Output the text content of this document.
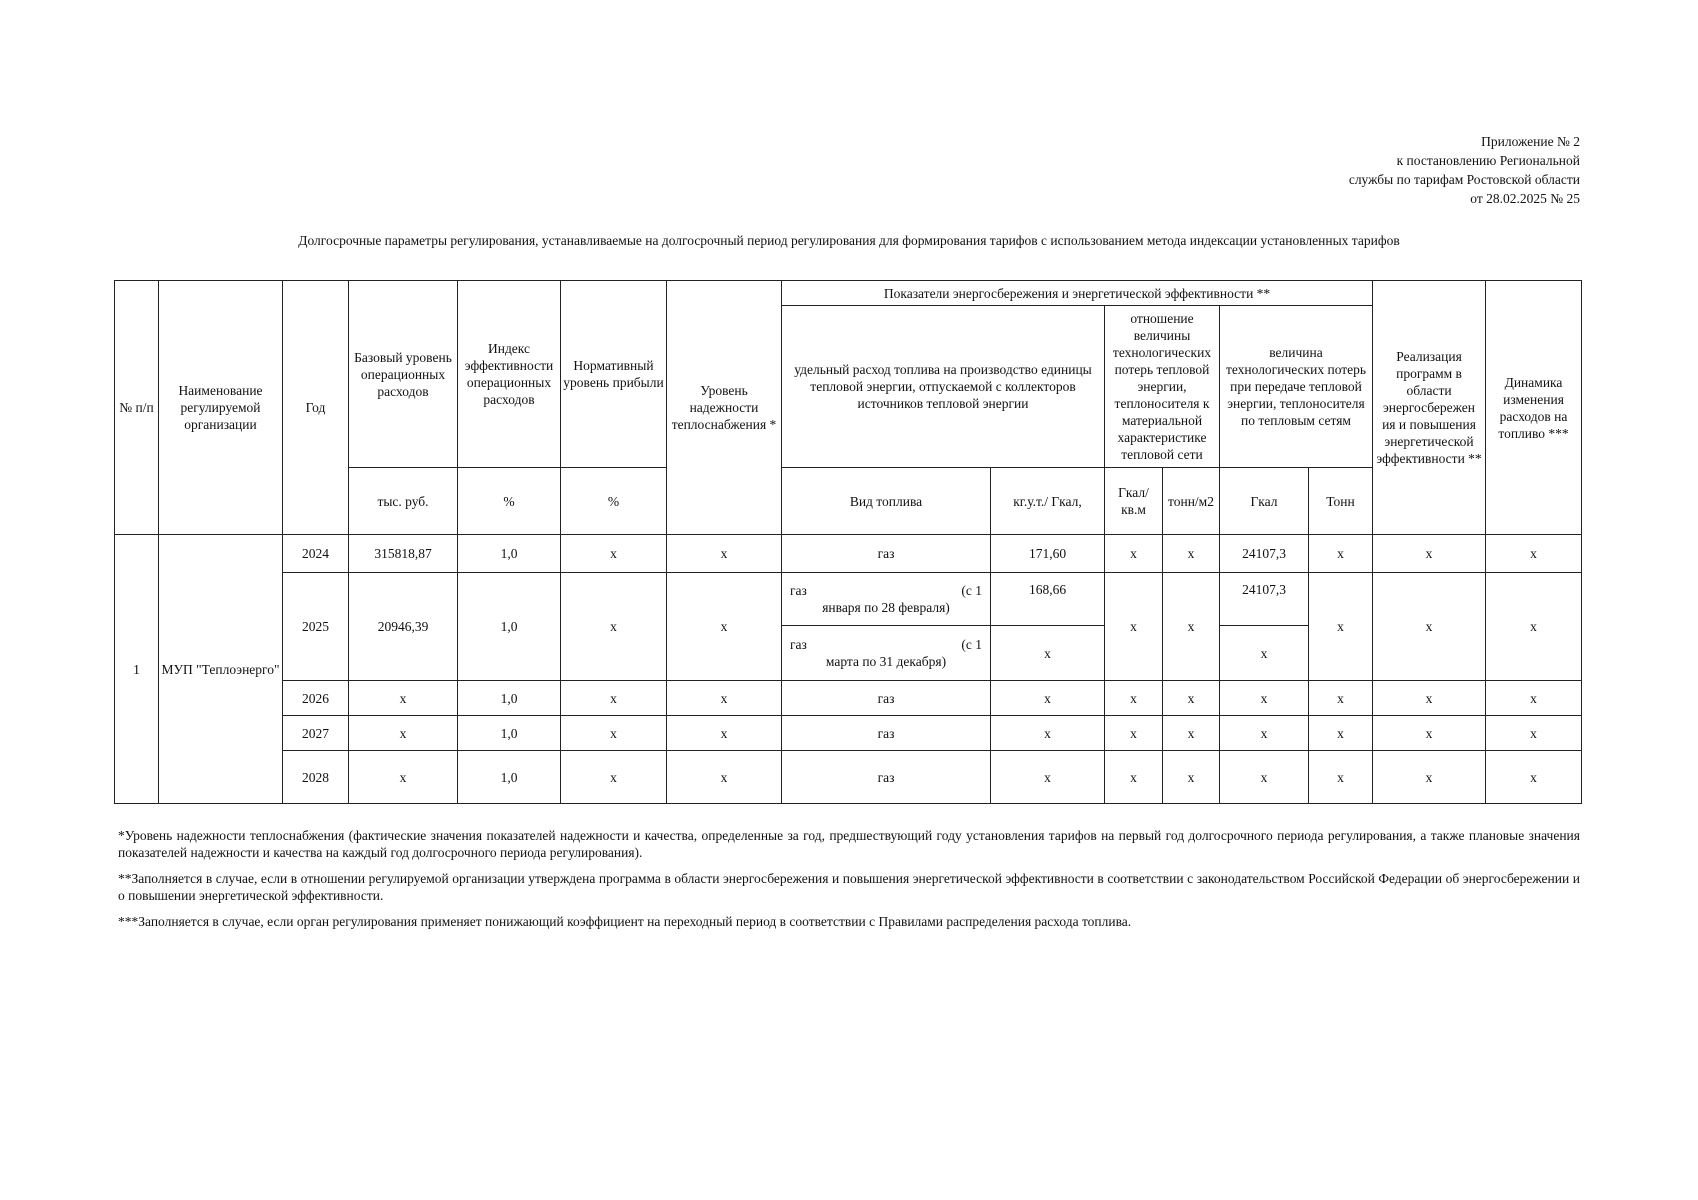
Приложение № 2
к постановлению Региональной
службы по тарифам Ростовской области
от 28.02.2025 № 25
Долгосрочные параметры регулирования, устанавливаемые на долгосрочный период регулирования для формирования тарифов с использованием метода индексации установленных тарифов
№ п/п	Наименование регулируемой организации	Год	Базовый уровень операционных расходов	Индекс эффективности операционных расходов	Нормативный уровень прибыли	Уровень надежности теплоснабжения *	Показатели энергосбережения и энергетической эффективности **						Реализация программ в области энергосбережен ия и повышения энергетической эффективности **	Динамика изменения расходов на топливо ***
							удельный расход топлива на производство единицы тепловой энергии, отпускаемой с коллекторов источников тепловой энергии		отношение величины технологических потерь тепловой энергии, теплоносителя к материальной характеристике тепловой сети		величина технологических потерь при передаче тепловой энергии, теплоносителя по тепловым сетям			
			тыс. руб.	%	%		Вид топлива	кг.у.т./ Гкал,	Гкал/ кв.м	тонн/м2	Гкал	Тонн		
1	МУП "Теплоэнерго"	2024	315818,87	1,0	x	x	газ	171,60	x	x	24107,3	x	x	x
		2025	20946,39	1,0	x	x	газ (с 1
января по 28 февраля)	168,66	x	x	24107,3	x	x	x

							газ (с 1
марта по 31 декабря)	x			x			
		2026	x	1,0	x	x	газ	x	x	x	x	x	x	x
		2027	x	1,0	x	x	газ	x	x	x	x	x	x	x
		2028	x	1,0	x	x	газ	x	x	x	x	x	x	x

*Уровень надежности теплоснабжения (фактические значения показателей надежности и качества, определенные за год, предшествующий году установления тарифов на первый год долгосрочного периода регулирования, а также плановые значения показателей надежности и качества на каждый год долгосрочного периода регулирования).

**Заполняется в случае, если в отношении регулируемой организации утверждена программа в области энергосбережения и повышения энергетической эффективности в соответствии с законодательством Российской Федерации об энергосбережении и о повышении энергетической эффективности.

***Заполняется в случае, если орган регулирования применяет понижающий коэффициент на переходный период в соответствии с Правилами распределения расхода топлива.
